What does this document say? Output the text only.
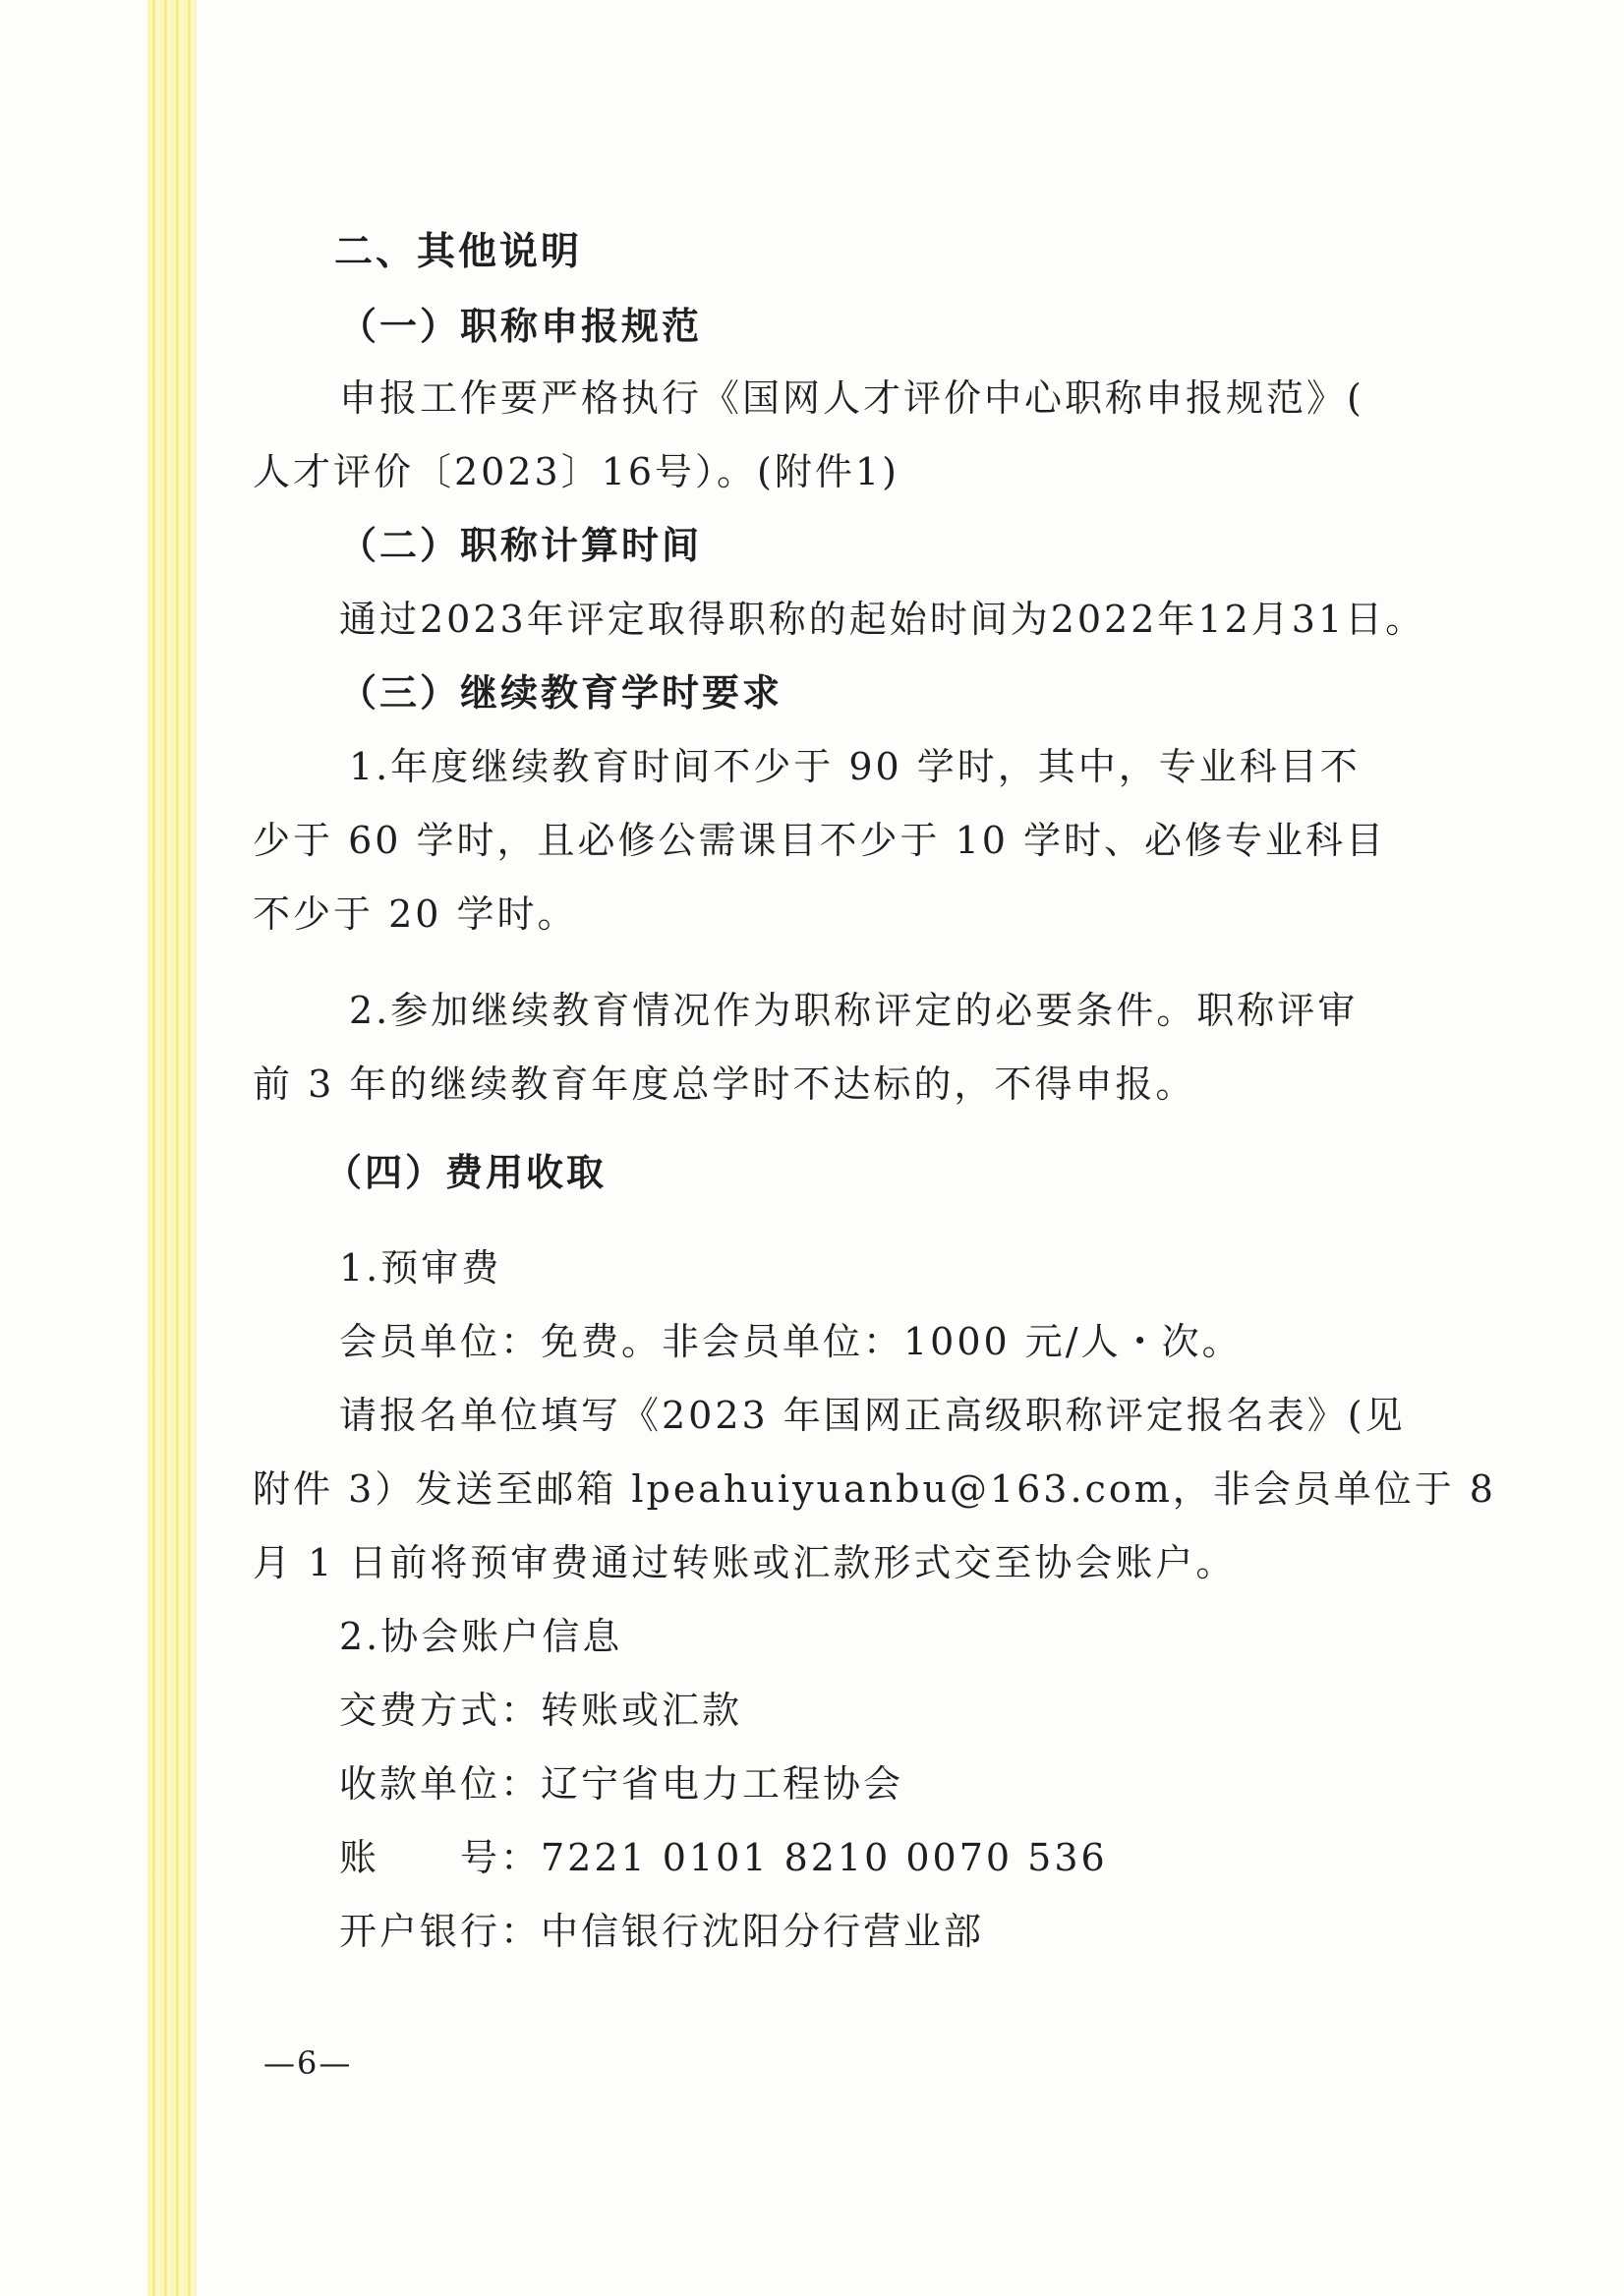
二、其他说明
（一）职称申报规范
申报工作要严格执行《国网人才评价中心职称申报规范》(
人才评价〔2023〕16号）。(附件1)
（二）职称计算时间
通过2023年评定取得职称的起始时间为2022年12月31日。
（三）继续教育学时要求
1.年度继续教育时间不少于 90 学时，其中，专业科目不
少于 60 学时，且必修公需课目不少于 10 学时、必修专业科目
不少于 20 学时。
2.参加继续教育情况作为职称评定的必要条件。职称评审
前 3 年的继续教育年度总学时不达标的，不得申报。
（四）费用收取
1.预审费
会员单位：免费。非会员单位：1000 元/人・次。
请报名单位填写《2023 年国网正高级职称评定报名表》(见
附件 3）发送至邮箱 lpeahuiyuanbu@163.com，非会员单位于 8
月 1 日前将预审费通过转账或汇款形式交至协会账户。
2.协会账户信息
交费方式：转账或汇款
收款单位：辽宁省电力工程协会
账　　号：7221 0101 8210 0070 536
开户银行：中信银行沈阳分行营业部
—6—
